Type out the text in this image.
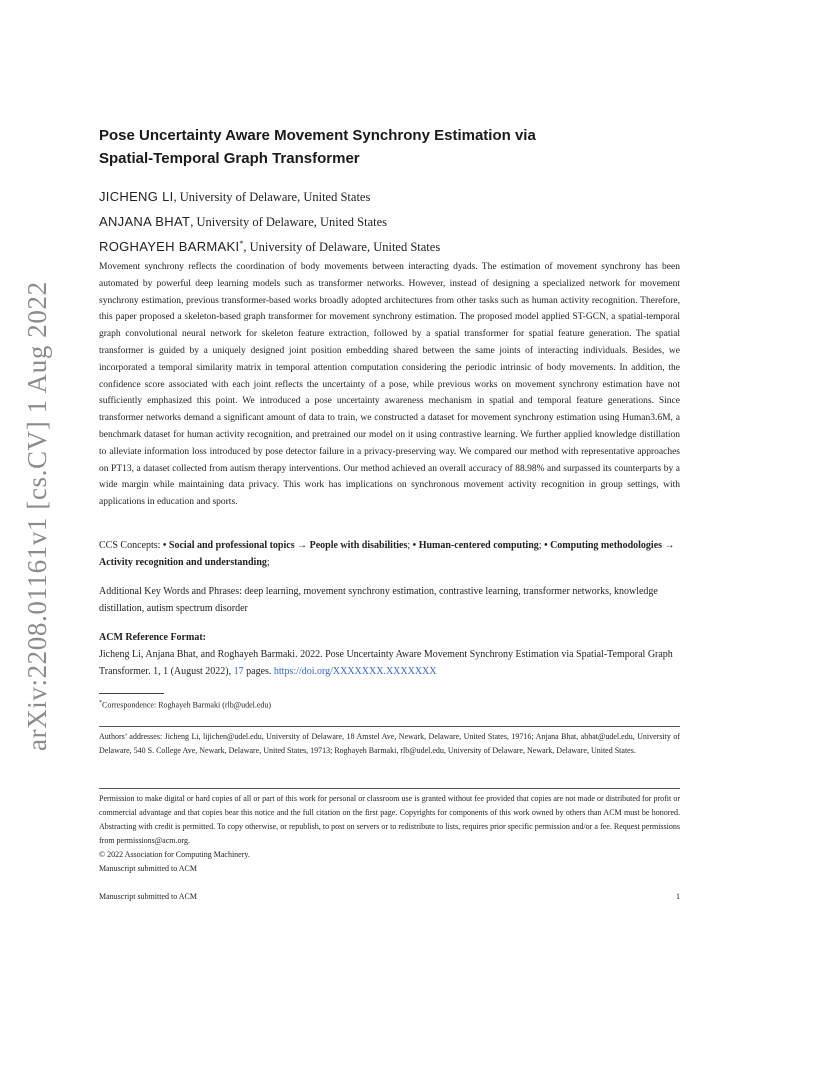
arXiv:2208.01161v1 [cs.CV] 1 Aug 2022
Pose Uncertainty Aware Movement Synchrony Estimation via
Spatial-Temporal Graph Transformer
JICHENG LI, University of Delaware, United States
ANJANA BHAT, University of Delaware, United States
ROGHAYEH BARMAKI*, University of Delaware, United States
Movement synchrony reflects the coordination of body movements between interacting dyads. The estimation of movement synchrony has been automated by powerful deep learning models such as transformer networks. However, instead of designing a specialized network for movement synchrony estimation, previous transformer-based works broadly adopted architectures from other tasks such as human activity recognition. Therefore, this paper proposed a skeleton-based graph transformer for movement synchrony estimation. The proposed model applied ST-GCN, a spatial-temporal graph convolutional neural network for skeleton feature extraction, followed by a spatial transformer for spatial feature generation. The spatial transformer is guided by a uniquely designed joint position embedding shared between the same joints of interacting individuals. Besides, we incorporated a temporal similarity matrix in temporal attention computation considering the periodic intrinsic of body movements. In addition, the confidence score associated with each joint reflects the uncertainty of a pose, while previous works on movement synchrony estimation have not sufficiently emphasized this point. We introduced a pose uncertainty awareness mechanism in spatial and temporal feature generations. Since transformer networks demand a significant amount of data to train, we constructed a dataset for movement synchrony estimation using Human3.6M, a benchmark dataset for human activity recognition, and pretrained our model on it using contrastive learning. We further applied knowledge distillation to alleviate information loss introduced by pose detector failure in a privacy-preserving way. We compared our method with representative approaches on PT13, a dataset collected from autism therapy interventions. Our method achieved an overall accuracy of 88.98% and surpassed its counterparts by a wide margin while maintaining data privacy. This work has implications on synchronous movement activity recognition in group settings, with applications in education and sports.
CCS Concepts: • Social and professional topics → People with disabilities; • Human-centered computing; • Computing methodologies → Activity recognition and understanding;
Additional Key Words and Phrases: deep learning, movement synchrony estimation, contrastive learning, transformer networks, knowledge distillation, autism spectrum disorder
ACM Reference Format:
Jicheng Li, Anjana Bhat, and Roghayeh Barmaki. 2022. Pose Uncertainty Aware Movement Synchrony Estimation via Spatial-Temporal Graph Transformer. 1, 1 (August 2022), 17 pages. https://doi.org/XXXXXXX.XXXXXXX
*Correspondence: Roghayeh Barmaki (rlb@udel.edu)
Authors’ addresses: Jicheng Li, lijichen@udel.edu, University of Delaware, 18 Amstel Ave, Newark, Delaware, United States, 19716; Anjana Bhat, abhat@udel.edu, University of Delaware, 540 S. College Ave, Newark, Delaware, United States, 19713; Roghayeh Barmaki, rlb@udel.edu, University of Delaware, Newark, Delaware, United States.
Permission to make digital or hard copies of all or part of this work for personal or classroom use is granted without fee provided that copies are not made or distributed for profit or commercial advantage and that copies bear this notice and the full citation on the first page. Copyrights for components of this work owned by others than ACM must be honored. Abstracting with credit is permitted. To copy otherwise, or republish, to post on servers or to redistribute to lists, requires prior specific permission and/or a fee. Request permissions from permissions@acm.org.
© 2022 Association for Computing Machinery.
Manuscript submitted to ACM
Manuscript submitted to ACM	1
